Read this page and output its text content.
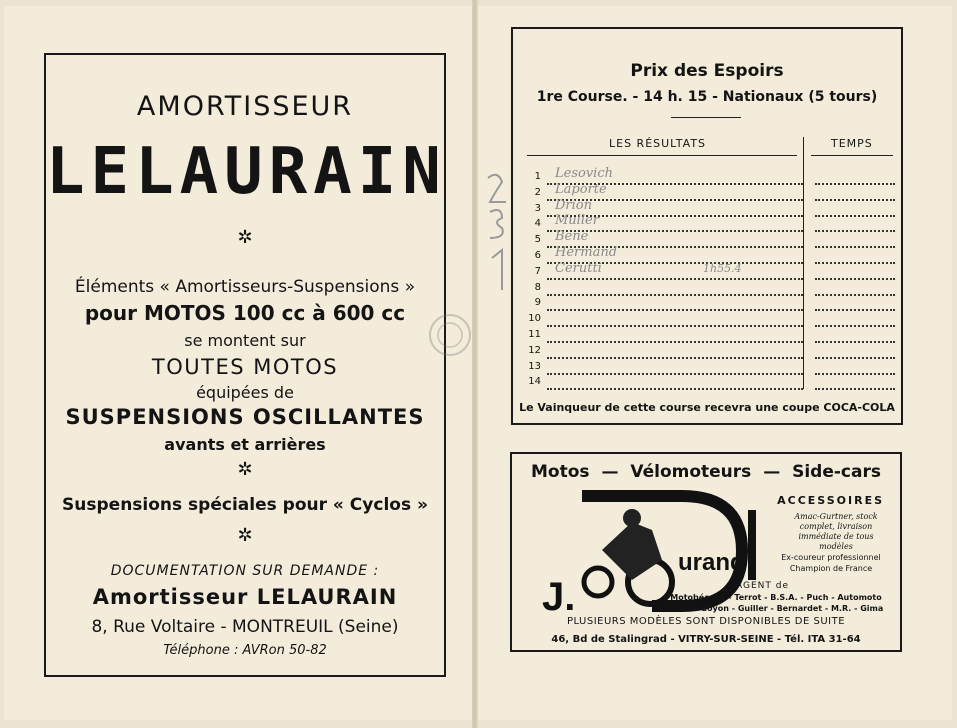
AMORTISSEUR
LELAURAIN
✲
Éléments « Amortisseurs-Suspensions »
pour MOTOS 100 cc à 600 cc
se montent sur
TOUTES MOTOS
équipées de
SUSPENSIONS OSCILLANTES
avants et arrières
✲
Suspensions spéciales pour « Cyclos »
✲
DOCUMENTATION SUR DEMANDE :
Amortisseur LELAURAIN
8, Rue Voltaire - MONTREUIL (Seine)
Téléphone : AVRon 50-82
Prix des Espoirs
1re Course. - 14 h. 15 - Nationaux (5 tours)
LES RÉSULTATS	TEMPS
1 Lesovich
2 Laporte
3 Drion
4 Muller
5 Bene
6 Hermand
7 Cerutti	1h55.4
8
9
10
11
12
13
14
Le Vainqueur de cette course recevra une coupe COCA-COLA
Motos — Vélomoteurs — Side-cars
J.
urand
ACCESSOIRES
Amac-Gurtner, stock complet, livraison immédiate de tous modèles
Ex-coureur professionnel Champion de France
AGENT de
Motobécane - Terrot - B.S.A. - Puch - Automoto Monet-Goyon - Guiller - Bernardet - M.R. - Gima
PLUSIEURS MODÈLES SONT DISPONIBLES DE SUITE
46, Bd de Stalingrad - VITRY-SUR-SEINE - Tél. ITA 31-64
